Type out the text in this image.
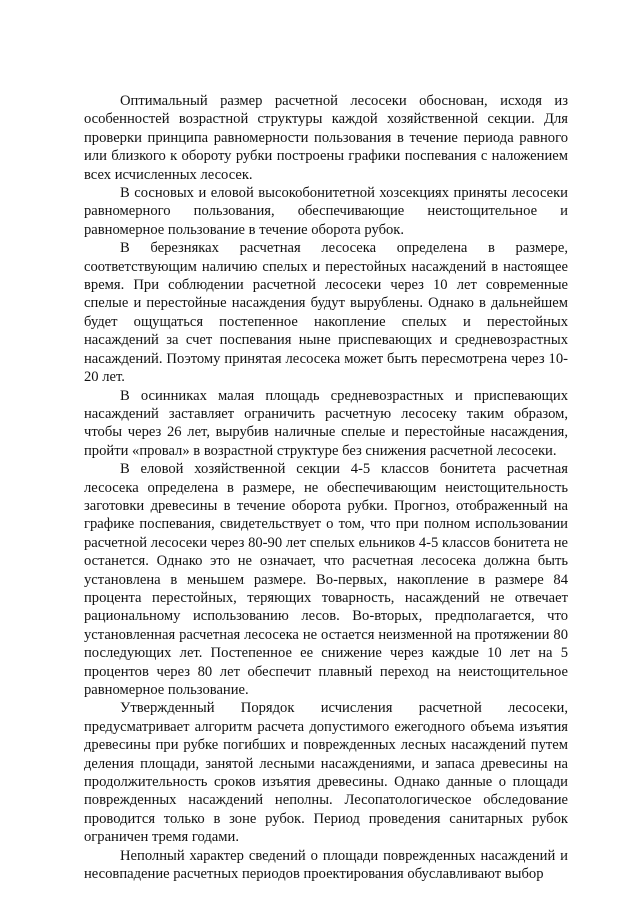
Оптимальный размер расчетной лесосеки обоснован, исходя из особенностей возрастной структуры каждой хозяйственной секции. Для проверки принципа равномерности пользования в течение периода равного или близкого к обороту рубки построены графики поспевания с наложением всех исчисленных лесосек.

В сосновых и еловой высокобонитетной хозсекциях приняты лесосеки равномерного пользования, обеспечивающие неистощительное и равномерное пользование в течение оборота рубок.

В березняках расчетная лесосека определена в размере, соответствующим наличию спелых и перестойных насаждений в настоящее время. При соблюдении расчетной лесосеки через 10 лет современные спелые и перестойные насаждения будут вырублены. Однако в дальнейшем будет ощущаться постепенное накопление спелых и перестойных насаждений за счет поспевания ныне приспевающих и средневозрастных насаждений. Поэтому принятая лесосека может быть пересмотрена через 10-20 лет.

В осинниках малая площадь средневозрастных и приспевающих насаждений заставляет ограничить расчетную лесосеку таким образом, чтобы через 26 лет, вырубив наличные спелые и перестойные насаждения, пройти «провал» в возрастной структуре без снижения расчетной лесосеки.

В еловой хозяйственной секции 4-5 классов бонитета расчетная лесосека определена в размере, не обеспечивающим неистощительность заготовки древесины в течение оборота рубки. Прогноз, отображенный на графике поспевания, свидетельствует о том, что при полном использовании расчетной лесосеки через 80-90 лет спелых ельников 4-5 классов бонитета не останется. Однако это не означает, что расчетная лесосека должна быть установлена в меньшем размере. Во-первых, накопление в размере 84 процента перестойных, теряющих товарность, насаждений не отвечает рациональному использованию лесов. Во-вторых, предполагается, что установленная расчетная лесосека не остается неизменной на протяжении 80 последующих лет. Постепенное ее снижение через каждые 10 лет на 5 процентов через 80 лет обеспечит плавный переход на неистощительное равномерное пользование.

Утвержденный Порядок исчисления расчетной лесосеки, предусматривает алгоритм расчета допустимого ежегодного объема изъятия древесины при рубке погибших и поврежденных лесных насаждений путем деления площади, занятой лесными насаждениями, и запаса древесины на продолжительность сроков изъятия древесины. Однако данные о площади поврежденных насаждений неполны. Лесопатологическое обследование проводится только в зоне рубок. Период проведения санитарных рубок ограничен тремя годами.

Неполный характер сведений о площади поврежденных насаждений и несовпадение расчетных периодов проектирования обуславливают выбор
